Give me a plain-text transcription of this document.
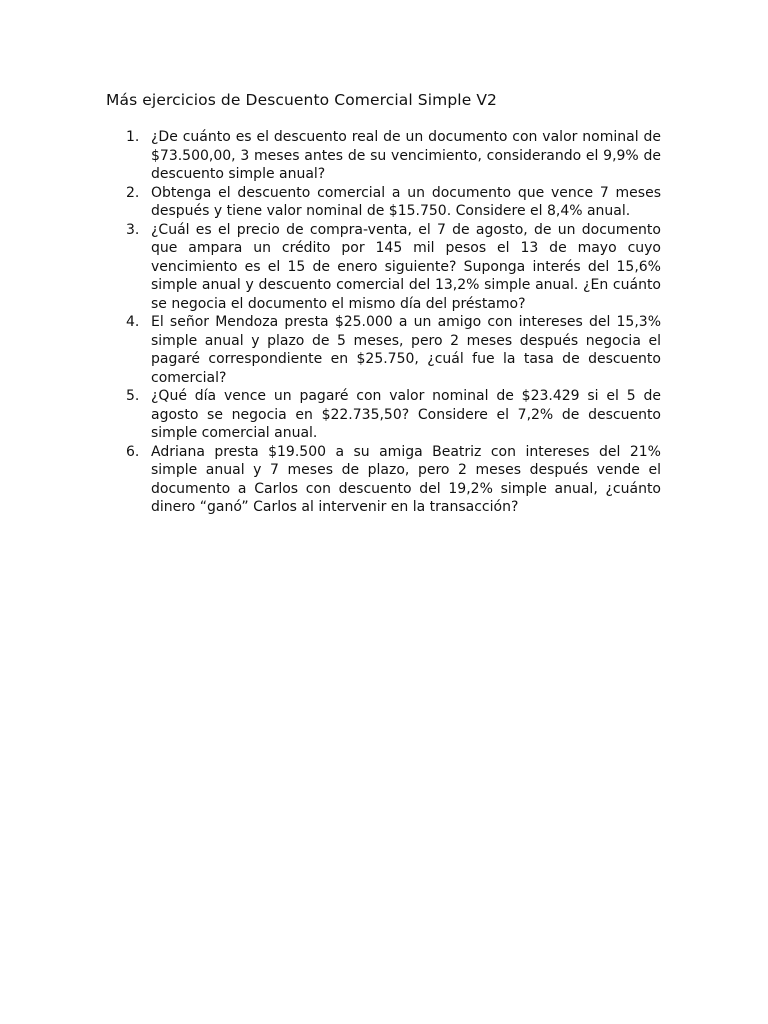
Más ejercicios de Descuento Comercial Simple V2
1. ¿De cuánto es el descuento real de un documento con valor nominal de $73.500,00, 3 meses antes de su vencimiento, considerando el 9,9% de descuento simple anual?
2. Obtenga el descuento comercial a un documento que vence 7 meses después y tiene valor nominal de $15.750. Considere el 8,4% anual.
3. ¿Cuál es el precio de compra-venta, el 7 de agosto, de un documento que ampara un crédito por 145 mil pesos el 13 de mayo cuyo vencimiento es el 15 de enero siguiente? Suponga interés del 15,6% simple anual y descuento comercial del 13,2% simple anual. ¿En cuánto se negocia el documento el mismo día del préstamo?
4. El señor Mendoza presta $25.000 a un amigo con intereses del 15,3% simple anual y plazo de 5 meses, pero 2 meses después negocia el pagaré correspondiente en $25.750, ¿cuál fue la tasa de descuento comercial?
5. ¿Qué día vence un pagaré con valor nominal de $23.429 si el 5 de agosto se negocia en $22.735,50? Considere el 7,2% de descuento simple comercial anual.
6. Adriana presta $19.500 a su amiga Beatriz con intereses del 21% simple anual y 7 meses de plazo, pero 2 meses después vende el documento a Carlos con descuento del 19,2% simple anual, ¿cuánto dinero “ganó” Carlos al intervenir en la transacción?
